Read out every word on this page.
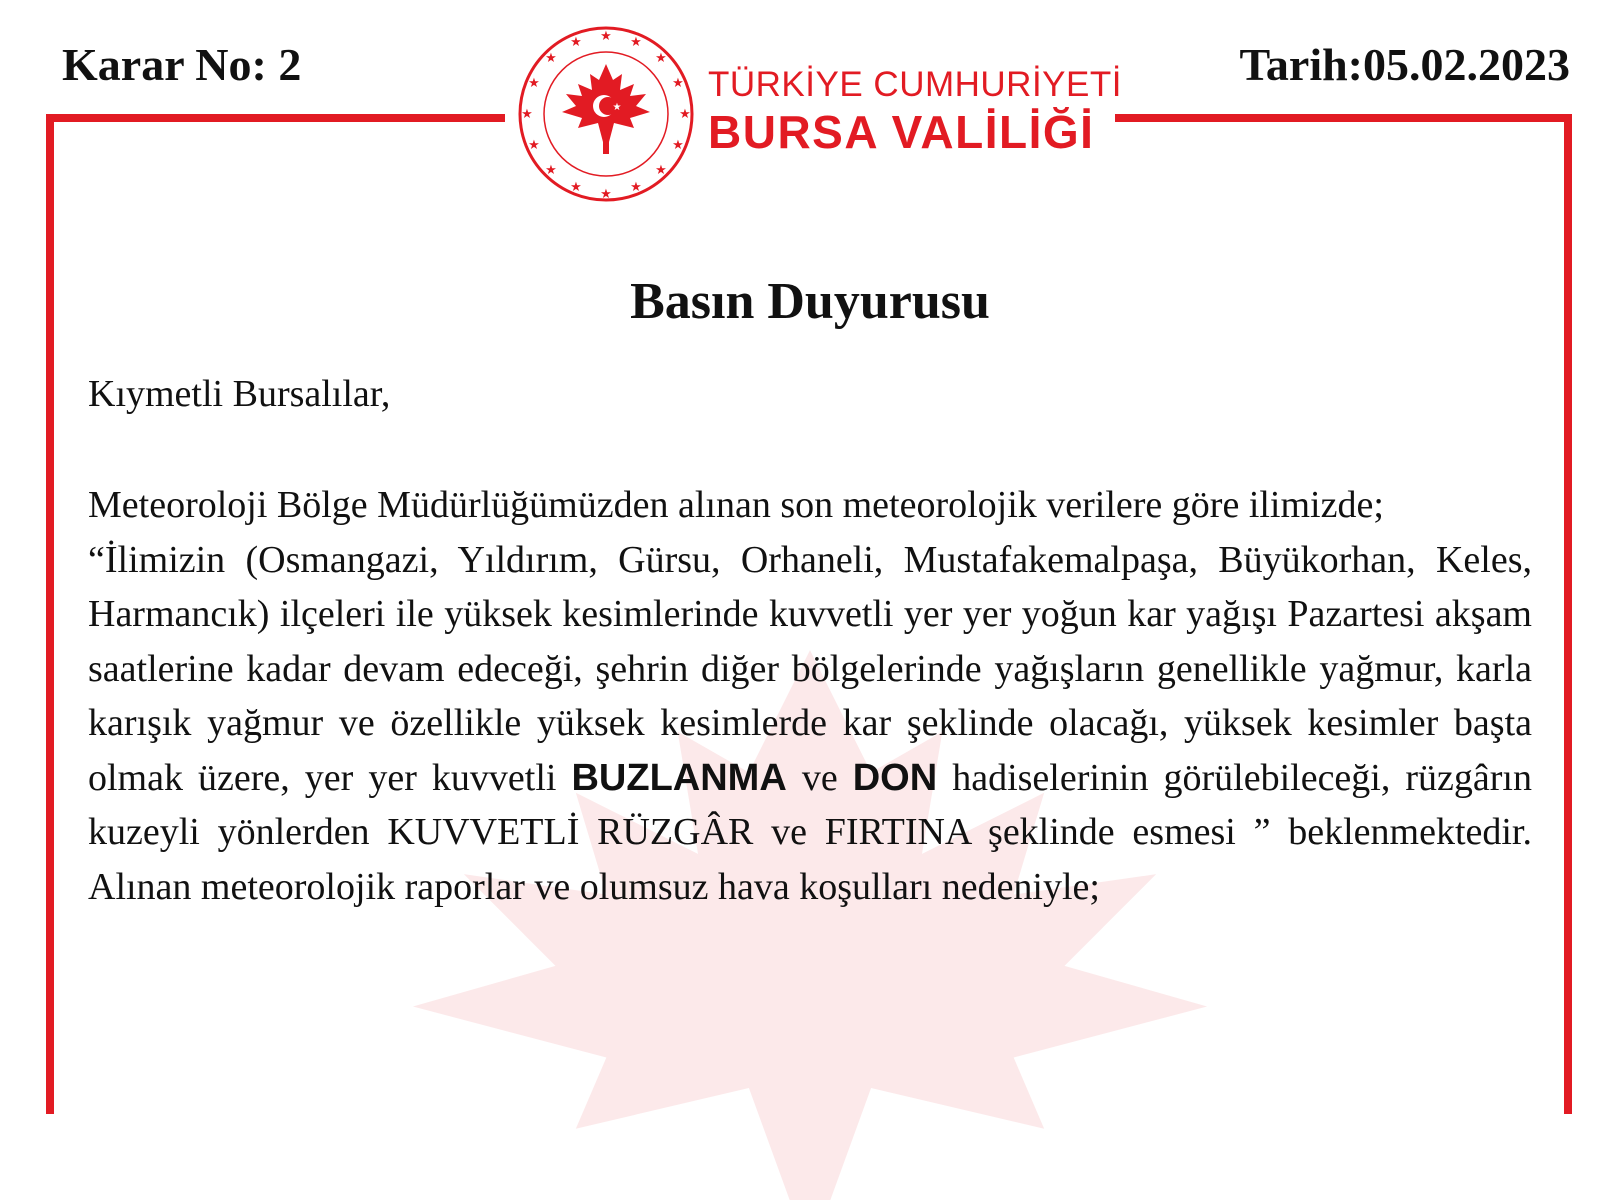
Karar No: 2	Tarih:05.02.2023
★ ★
★
★
★
★
★
★
★
★
★
★
★
★
★
★
★
TÜRKİYE CUMHURİYETİ
BURSA VALİLİĞİ
Basın Duyurusu
Kıymetli Bursalılar,

Meteoroloji Bölge Müdürlüğümüzden alınan son meteorolojik verilere göre ilimizde;

“İlimizin (Osmangazi, Yıldırım, Gürsu, Orhaneli, Mustafakemalpaşa, Büyükorhan, Keles, Harmancık) ilçeleri ile yüksek kesimlerinde kuvvetli yer yer yoğun kar yağışı Pazartesi akşam saatlerine kadar devam edeceği, şehrin diğer bölgelerinde yağışların genellikle yağmur, karla karışık yağmur ve özellikle yüksek kesimlerde kar şeklinde olacağı, yüksek kesimler başta olmak üzere, yer yer kuvvetli BUZLANMA ve DON hadiselerinin görülebileceği, rüzgârın kuzeyli yönlerden KUVVETLİ RÜZGÂR ve FIRTINA şeklinde esmesi ” beklenmektedir. Alınan meteorolojik raporlar ve olumsuz hava koşulları nedeniyle;
